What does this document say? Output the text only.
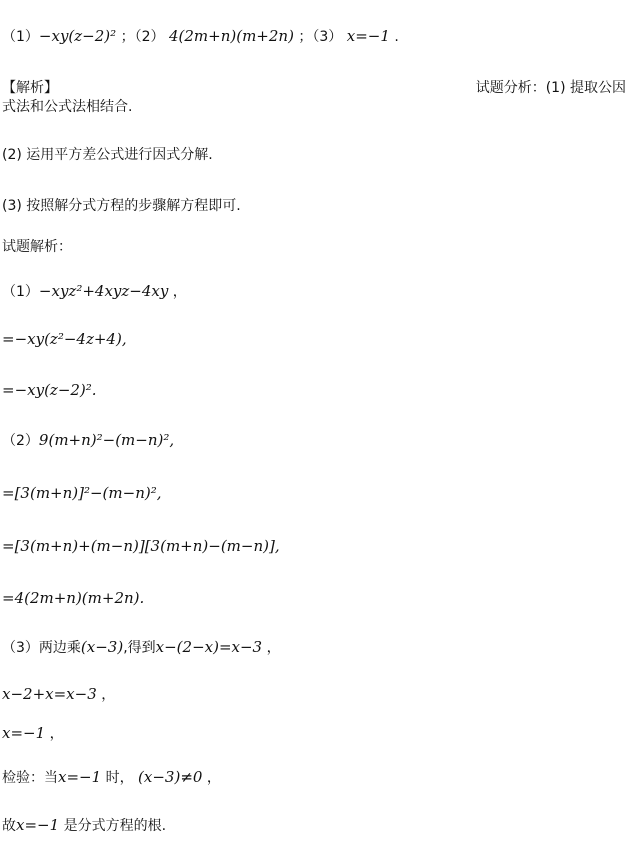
（1）−xy(z−2)² ；（2） 4(2m+n)(m+2n) ；（3） x=−1 .
【解析】	试题分析：(1) 提取公因
式法和公式法相结合.
(2) 运用平方差公式进行因式分解.
(3) 按照解分式方程的步骤解方程即可.
试题解析：
（1）−xyz²+4xyz−4xy ，
=−xy(z²−4z+4),
=−xy(z−2)².
（2）9(m+n)²−(m−n)²,
=[3(m+n)]²−(m−n)²,
=[3(m+n)+(m−n)][3(m+n)−(m−n)],
=4(2m+n)(m+2n).
（3）两边乘(x−3),得到x−(2−x)=x−3 ，
x−2+x=x−3 ，
x=−1 ，
检验：当x=−1 时， (x−3)≠0 ，
故x=−1 是分式方程的根.
